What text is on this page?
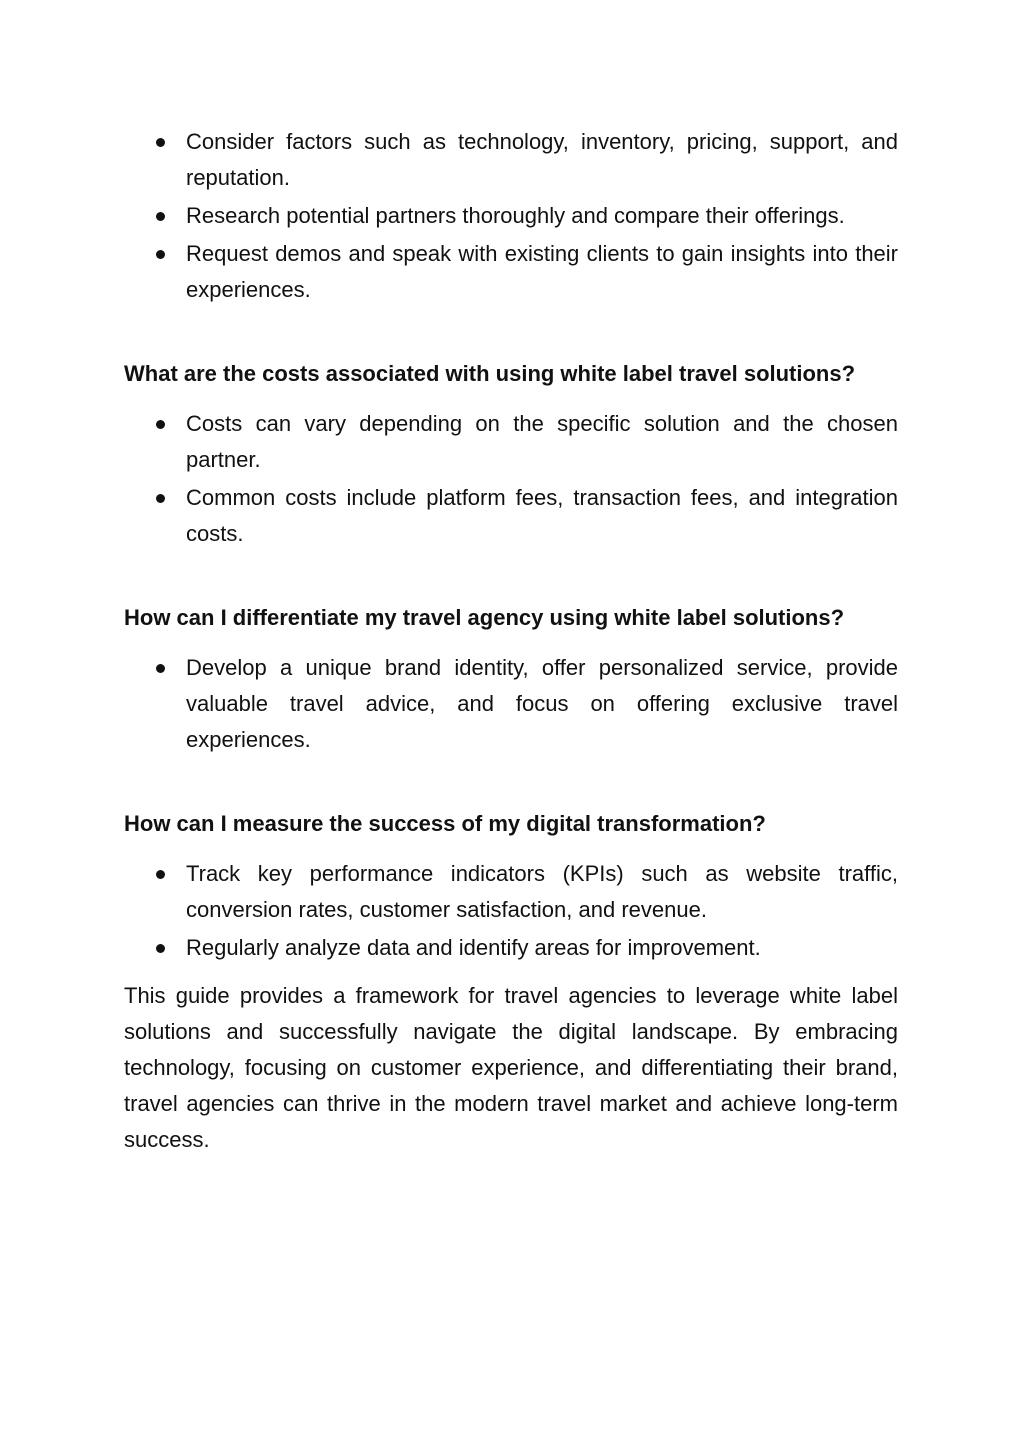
Consider factors such as technology, inventory, pricing, support, and reputation.
Research potential partners thoroughly and compare their offerings.
Request demos and speak with existing clients to gain insights into their experiences.
What are the costs associated with using white label travel solutions?
Costs can vary depending on the specific solution and the chosen partner.
Common costs include platform fees, transaction fees, and integration costs.
How can I differentiate my travel agency using white label solutions?
Develop a unique brand identity, offer personalized service, provide valuable travel advice, and focus on offering exclusive travel experiences.
How can I measure the success of my digital transformation?
Track key performance indicators (KPIs) such as website traffic, conversion rates, customer satisfaction, and revenue.
Regularly analyze data and identify areas for improvement.

This guide provides a framework for travel agencies to leverage white label solutions and successfully navigate the digital landscape. By embracing technology, focusing on customer experience, and differentiating their brand, travel agencies can thrive in the modern travel market and achieve long-term success.
